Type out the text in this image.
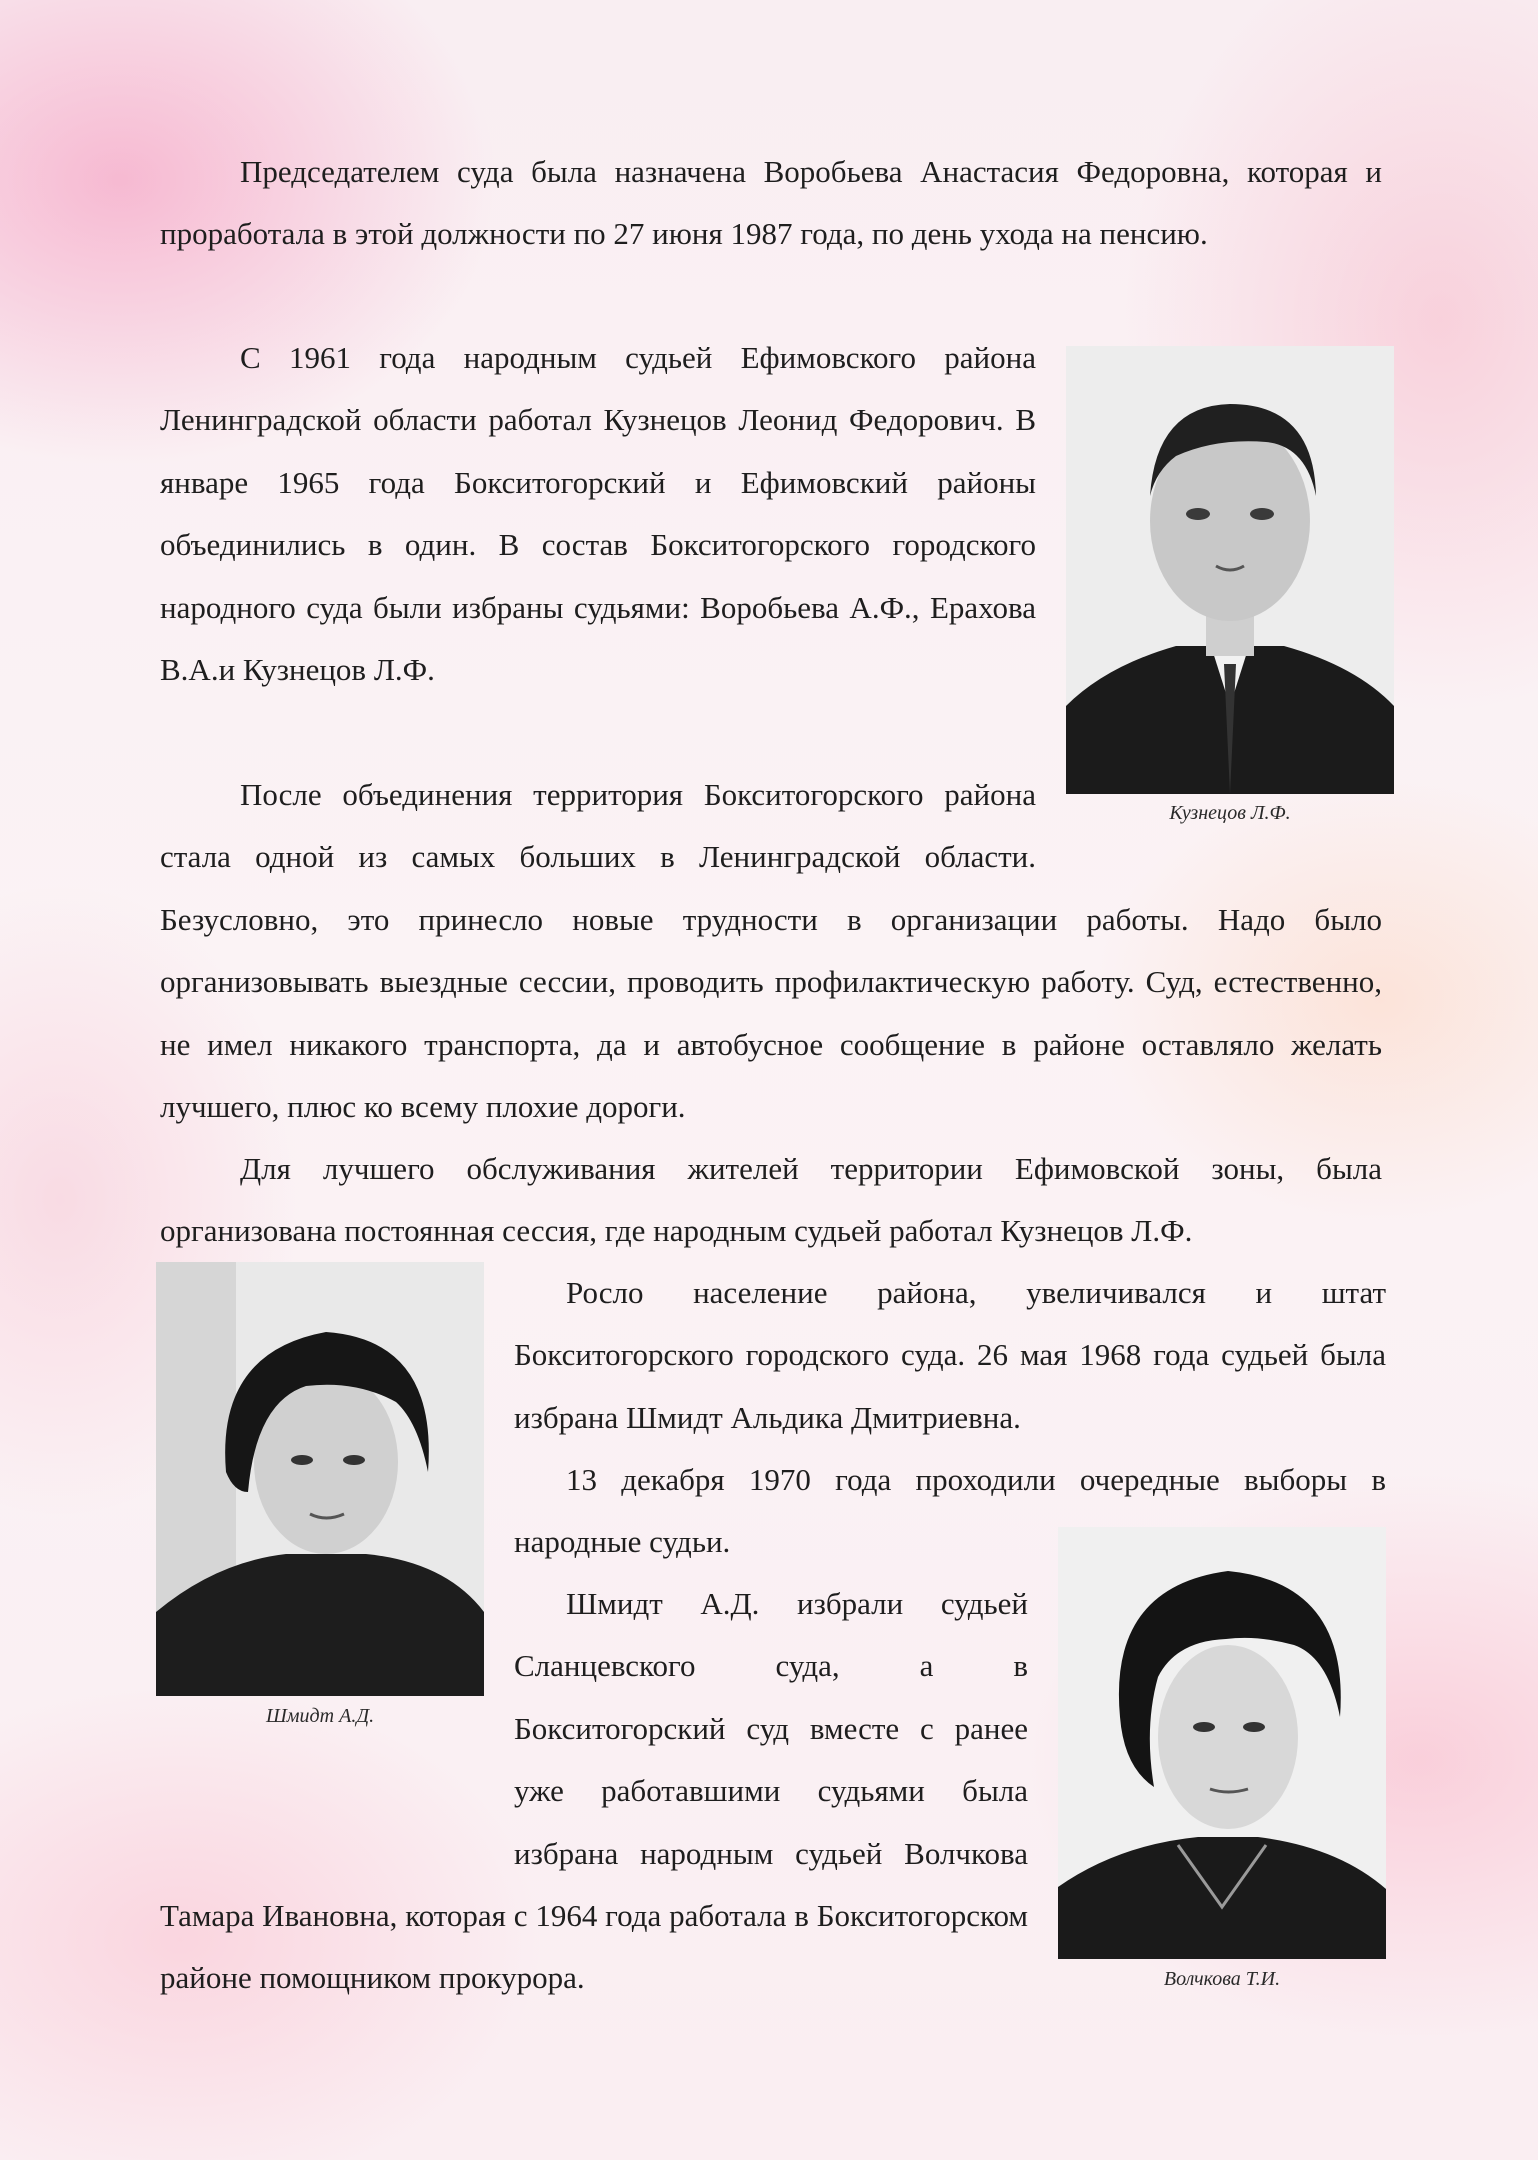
Председателем суда была назначена Воробьева Анастасия Федоровна, которая и проработала в этой должности по 27 июня 1987 года, по день ухода на пенсию.

Кузнецов Л.Ф.

С 1961 года народным судьей Ефимовского района Ленинградской области работал Кузнецов Леонид Федорович. В январе 1965 года Бокситогорский и Ефимовский районы объединились в один. В состав Бокситогорского городского народного суда были избраны судьями: Воробьева А.Ф., Ерахова В.А.и Кузнецов Л.Ф.

После объединения территория Бокситогорского района стала одной из самых больших в Ленинградской области. Безусловно, это принесло новые трудности в организации работы. Надо было организовывать выездные сессии, проводить профилактическую работу. Суд, естественно, не имел никакого транспорта, да и автобусное сообщение в районе оставляло желать лучшего, плюс ко всему плохие дороги.

Для лучшего обслуживания жителей территории Ефимовской зоны, была организована постоянная сессия, где народным судьей работал Кузнецов Л.Ф.

Шмидт А.Д.

Росло население района, увеличивался и штат Бокситогорского городского суда. 26 мая 1968 года судьей была избрана Шмидт Альдика Дмитриевна.

13 декабря 1970 года проходили очередные выборы в народные судьи.

Волчкова Т.И.

Шмидт А.Д. избрали судьей Сланцевского суда, а в Бокситогорский суд вместе с ранее уже работавшими судьями была избрана народным судьей Волчкова Тамара Ивановна, которая с 1964 года работала в Бокситогорском районе помощником прокурора.
